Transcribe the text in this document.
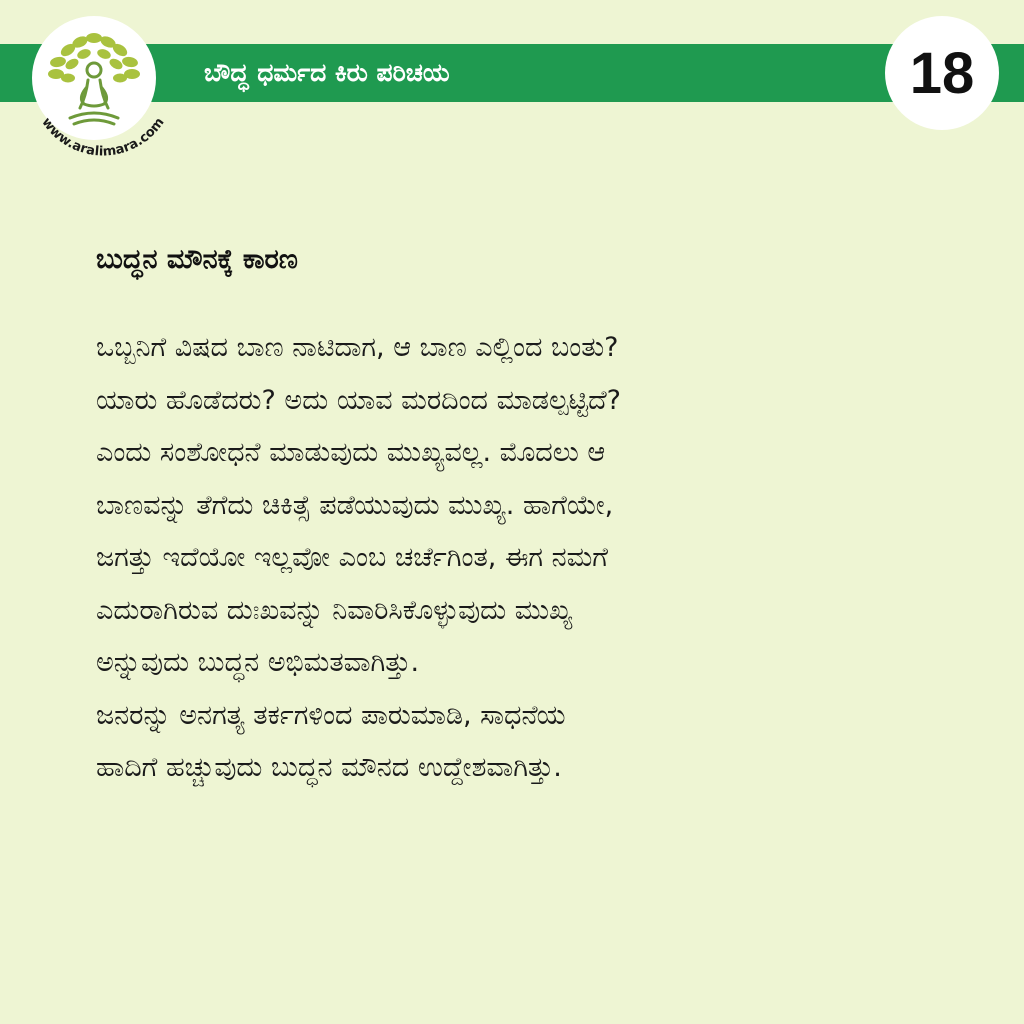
ಬೌದ್ಧ ಧರ್ಮದ ಕಿರು ಪರಿಚಯ
www.aralimara.com
18
ಬುದ್ಧನ ಮೌನಕ್ಕೆ ಕಾರಣ
ಒಬ್ಬನಿಗೆ ವಿಷದ ಬಾಣ ನಾಟಿದಾಗ, ಆ ಬಾಣ ಎಲ್ಲಿಂದ ಬಂತು?
ಯಾರು ಹೊಡೆದರು? ಅದು ಯಾವ ಮರದಿಂದ ಮಾಡಲ್ಪಟ್ಟಿದೆ?
ಎಂದು ಸಂಶೋಧನೆ ಮಾಡುವುದು ಮುಖ್ಯವಲ್ಲ. ಮೊದಲು ಆ
ಬಾಣವನ್ನು ತೆಗೆದು ಚಿಕಿತ್ಸೆ ಪಡೆಯುವುದು ಮುಖ್ಯ. ಹಾಗೆಯೇ,
ಜಗತ್ತು ಇದೆಯೋ ಇಲ್ಲವೋ ಎಂಬ ಚರ್ಚೆಗಿಂತ, ಈಗ ನಮಗೆ
ಎದುರಾಗಿರುವ ದುಃಖವನ್ನು ನಿವಾರಿಸಿಕೊಳ್ಳುವುದು ಮುಖ್ಯ
ಅನ್ನುವುದು ಬುದ್ಧನ ಅಭಿಮತವಾಗಿತ್ತು.
ಜನರನ್ನು ಅನಗತ್ಯ ತರ್ಕಗಳಿಂದ ಪಾರುಮಾಡಿ, ಸಾಧನೆಯ
ಹಾದಿಗೆ ಹಚ್ಚುವುದು ಬುದ್ಧನ ಮೌನದ ಉದ್ದೇಶವಾಗಿತ್ತು.
